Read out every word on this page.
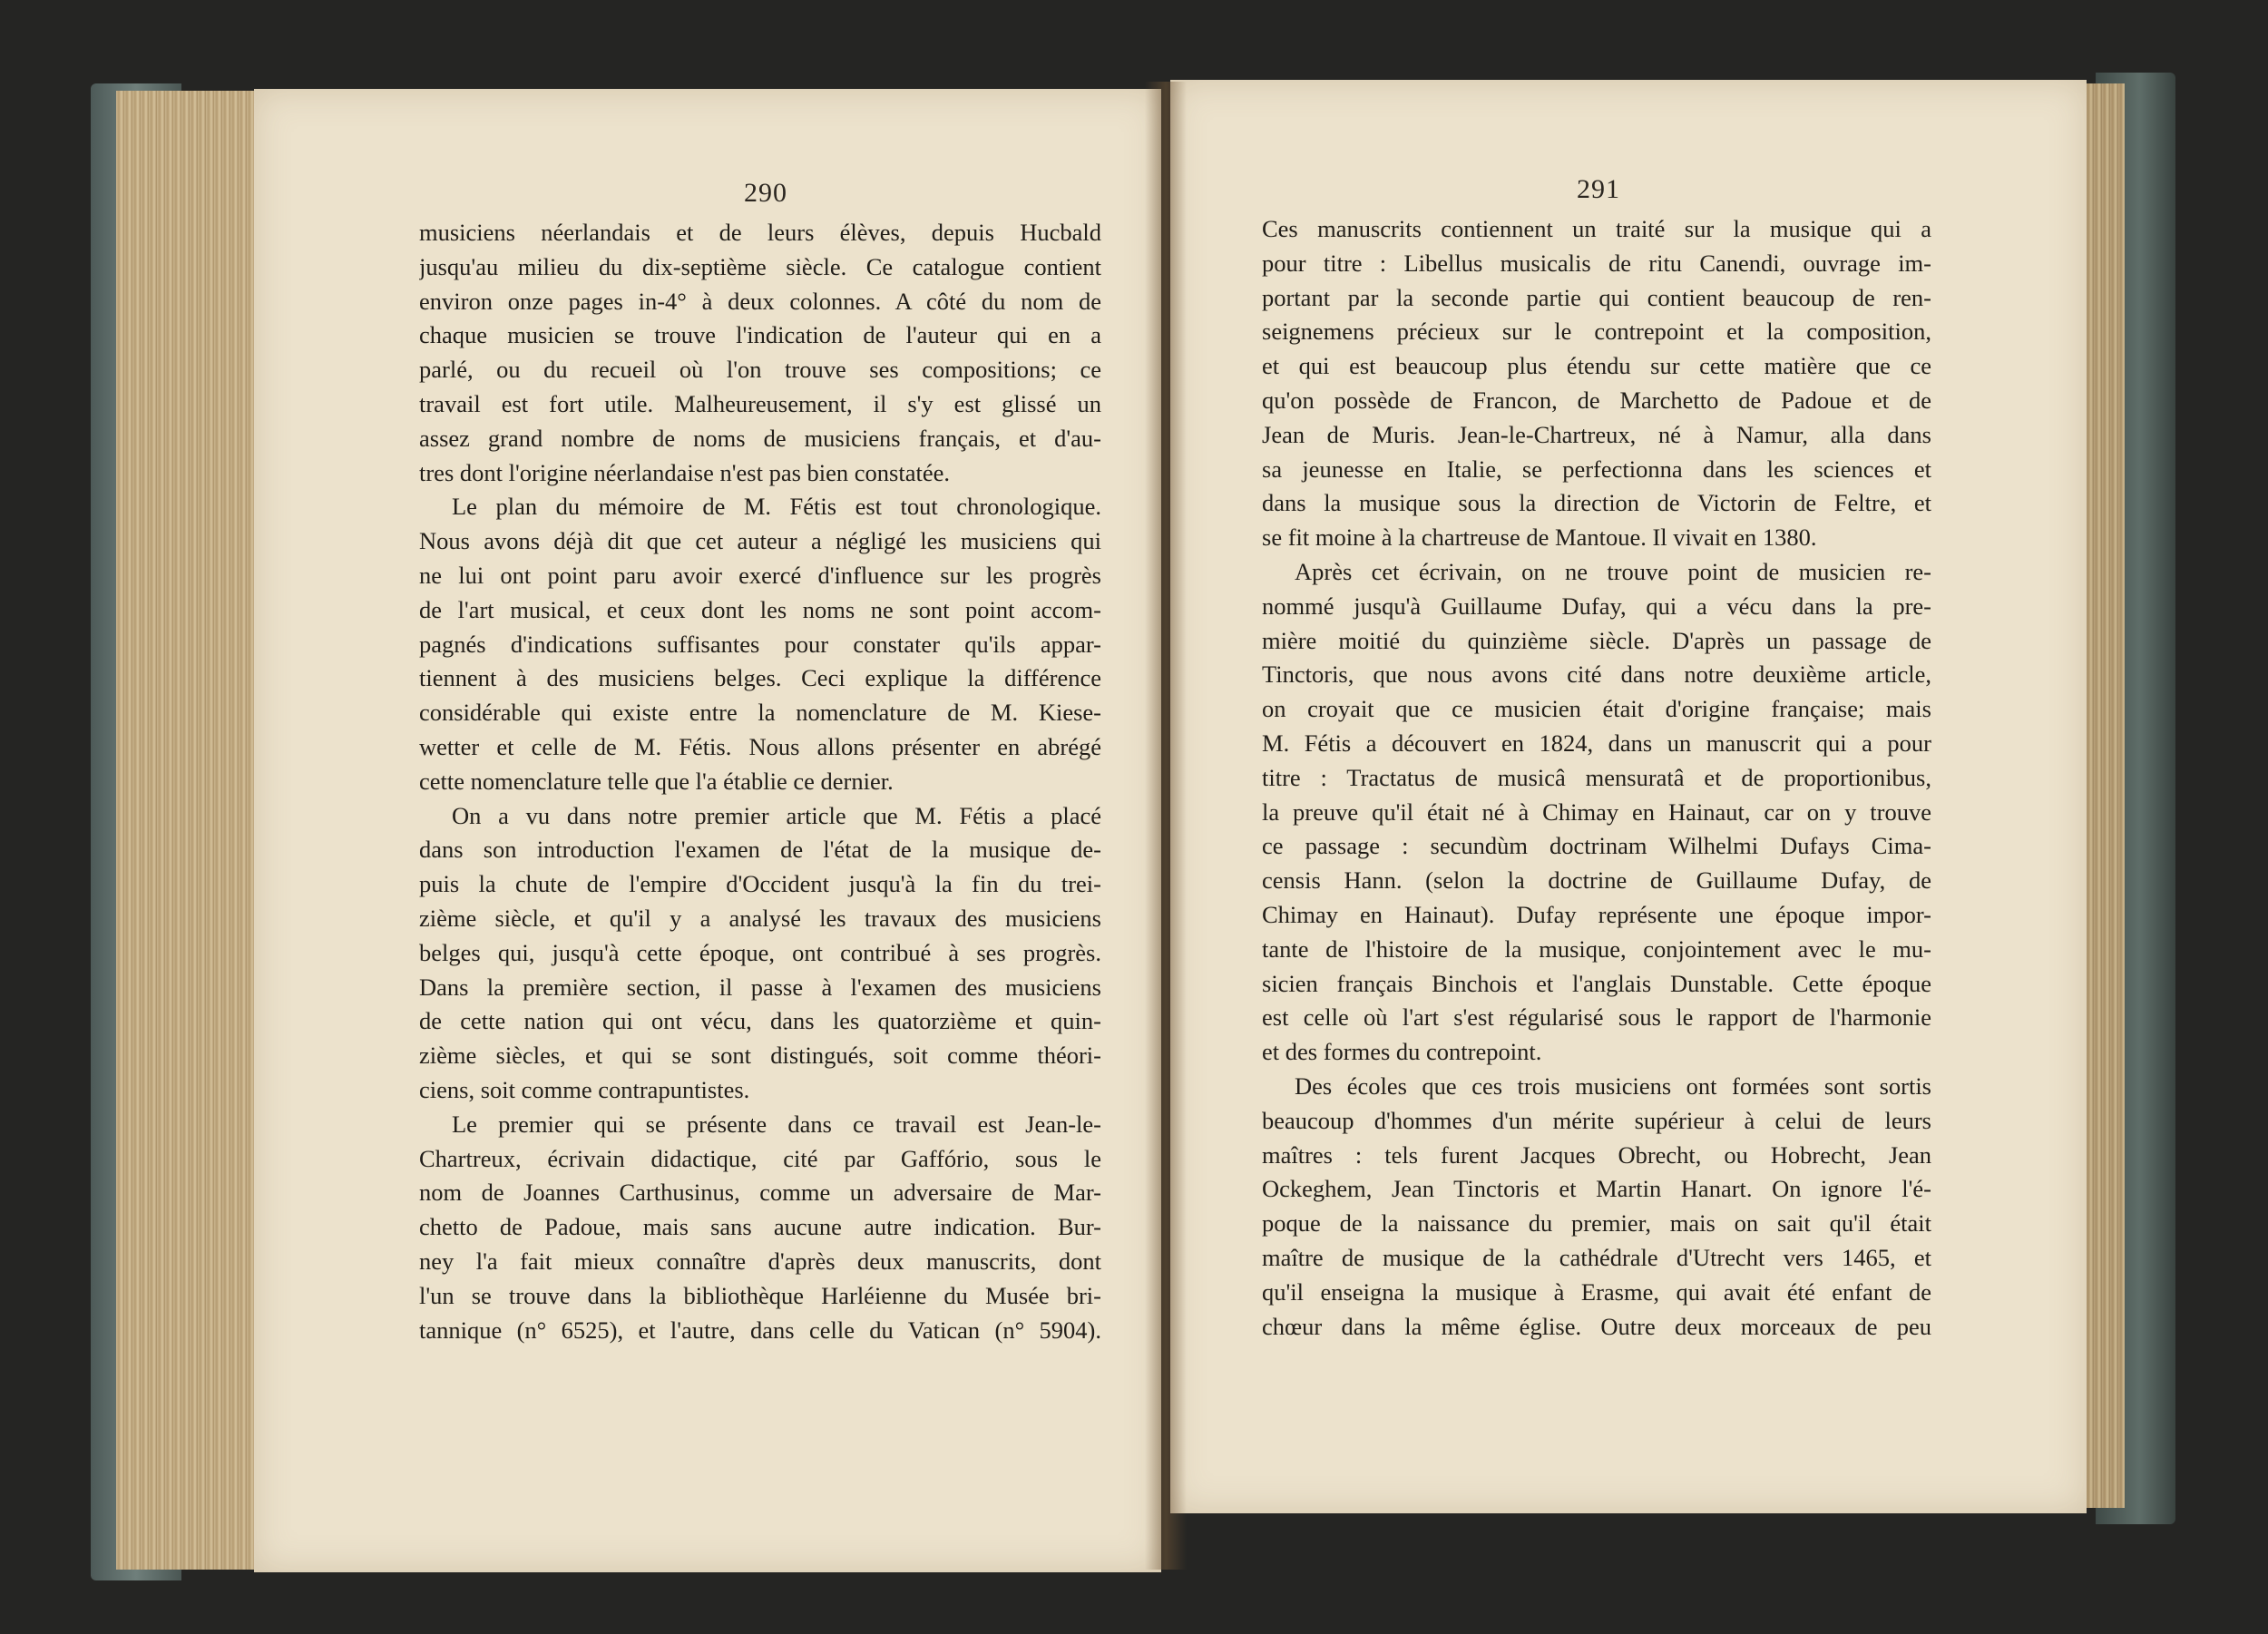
290	291
musiciens néerlandais et de leurs élèves, depuis Hucbald
jusqu'au milieu du dix-septième siècle. Ce catalogue contient
environ onze pages in-4° à deux colonnes. A côté du nom de
chaque musicien se trouve l'indication de l'auteur qui en a
parlé, ou du recueil où l'on trouve ses compositions; ce
travail est fort utile. Malheureusement, il s'y est glissé un
assez grand nombre de noms de musiciens français, et d'au-
tres dont l'origine néerlandaise n'est pas bien constatée.
Le plan du mémoire de M. Fétis est tout chronologique.
Nous avons déjà dit que cet auteur a négligé les musiciens qui
ne lui ont point paru avoir exercé d'influence sur les progrès
de l'art musical, et ceux dont les noms ne sont point accom-
pagnés d'indications suffisantes pour constater qu'ils appar-
tiennent à des musiciens belges. Ceci explique la différence
considérable qui existe entre la nomenclature de M. Kiese-
wetter et celle de M. Fétis. Nous allons présenter en abrégé
cette nomenclature telle que l'a établie ce dernier.
On a vu dans notre premier article que M. Fétis a placé
dans son introduction l'examen de l'état de la musique de-
puis la chute de l'empire d'Occident jusqu'à la fin du trei-
zième siècle, et qu'il y a analysé les travaux des musiciens
belges qui, jusqu'à cette époque, ont contribué à ses progrès.
Dans la première section, il passe à l'examen des musiciens
de cette nation qui ont vécu, dans les quatorzième et quin-
zième siècles, et qui se sont distingués, soit comme théori-
ciens, soit comme contrapuntistes.
Le premier qui se présente dans ce travail est Jean-le-
Chartreux, écrivain didactique, cité par Gaffório, sous le
nom de Joannes Carthusinus, comme un adversaire de Mar-
chetto de Padoue, mais sans aucune autre indication. Bur-
ney l'a fait mieux connaître d'après deux manuscrits, dont
l'un se trouve dans la bibliothèque Harléienne du Musée bri-
tannique (n° 6525), et l'autre, dans celle du Vatican (n° 5904).
Ces manuscrits contiennent un traité sur la musique qui a
pour titre : Libellus musicalis de ritu Canendi, ouvrage im-
portant par la seconde partie qui contient beaucoup de ren-
seignemens précieux sur le contrepoint et la composition,
et qui est beaucoup plus étendu sur cette matière que ce
qu'on possède de Francon, de Marchetto de Padoue et de
Jean de Muris. Jean-le-Chartreux, né à Namur, alla dans
sa jeunesse en Italie, se perfectionna dans les sciences et
dans la musique sous la direction de Victorin de Feltre, et
se fit moine à la chartreuse de Mantoue. Il vivait en 1380.
Après cet écrivain, on ne trouve point de musicien re-
nommé jusqu'à Guillaume Dufay, qui a vécu dans la pre-
mière moitié du quinzième siècle. D'après un passage de
Tinctoris, que nous avons cité dans notre deuxième article,
on croyait que ce musicien était d'origine française; mais
M. Fétis a découvert en 1824, dans un manuscrit qui a pour
titre : Tractatus de musicâ mensuratâ et de proportionibus,
la preuve qu'il était né à Chimay en Hainaut, car on y trouve
ce passage : secundùm doctrinam Wilhelmi Dufays Cima-
censis Hann. (selon la doctrine de Guillaume Dufay, de
Chimay en Hainaut). Dufay représente une époque impor-
tante de l'histoire de la musique, conjointement avec le mu-
sicien français Binchois et l'anglais Dunstable. Cette époque
est celle où l'art s'est régularisé sous le rapport de l'harmonie
et des formes du contrepoint.
Des écoles que ces trois musiciens ont formées sont sortis
beaucoup d'hommes d'un mérite supérieur à celui de leurs
maîtres : tels furent Jacques Obrecht, ou Hobrecht, Jean
Ockeghem, Jean Tinctoris et Martin Hanart. On ignore l'é-
poque de la naissance du premier, mais on sait qu'il était
maître de musique de la cathédrale d'Utrecht vers 1465, et
qu'il enseigna la musique à Erasme, qui avait été enfant de
chœur dans la même église. Outre deux morceaux de peu
